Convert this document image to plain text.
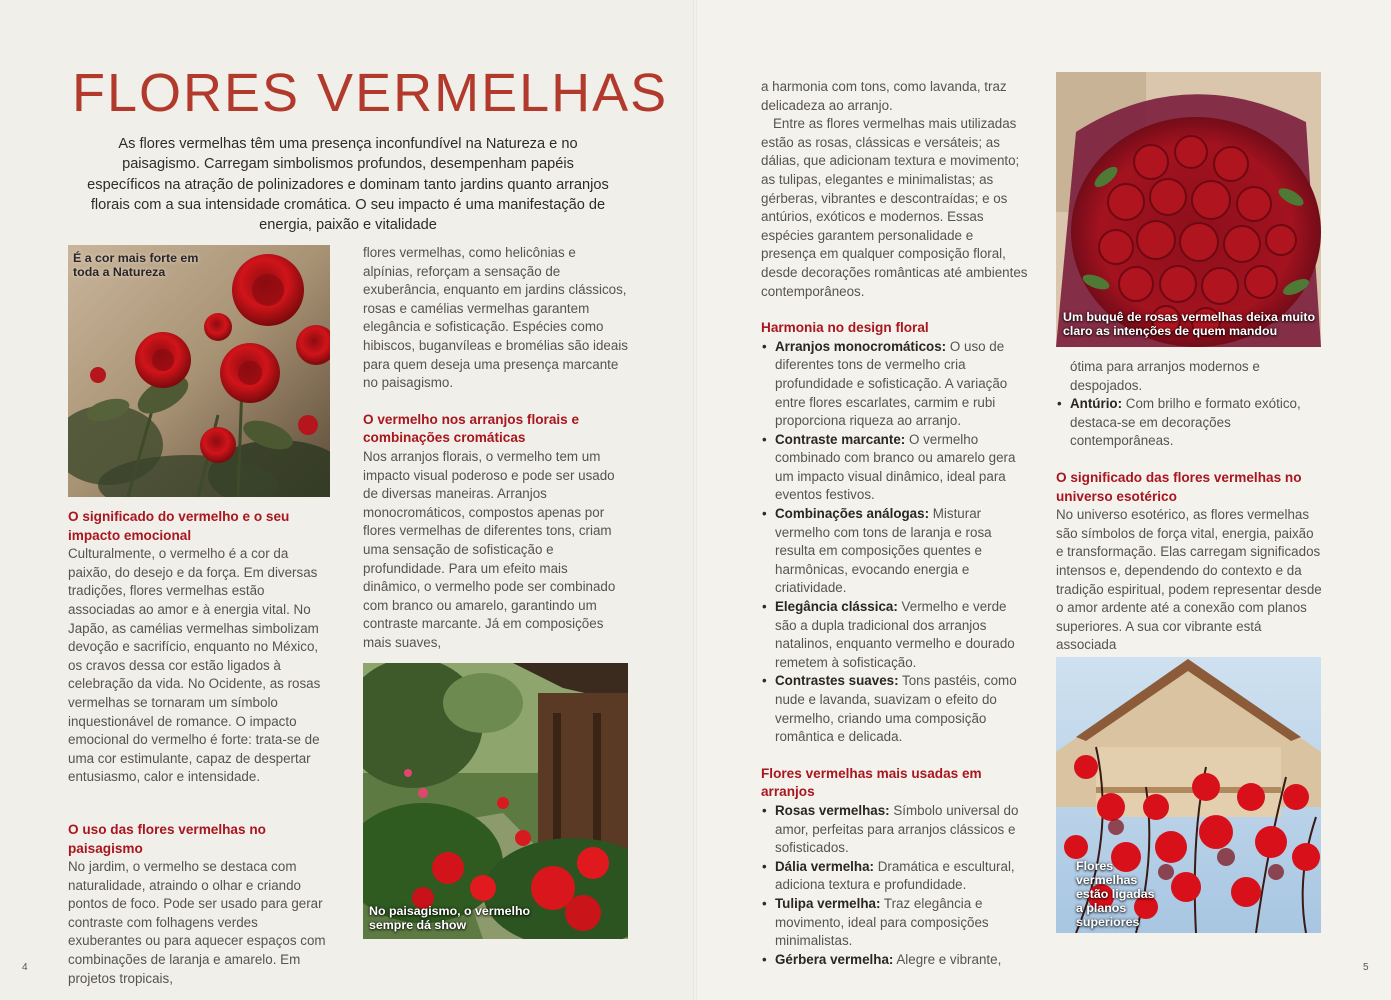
FLORES VERMELHAS
As flores vermelhas têm uma presença inconfundível na Natureza e no paisagismo. Carregam simbolismos profundos, desempenham papéis específicos na atração de polinizadores e dominam tanto jardins quanto arranjos florais com a sua intensidade cromática. O seu impacto é uma manifestação de energia, paixão e vitalidade
É a cor mais forte em toda a Natureza
O significado do vermelho e o seu impacto emocional

Culturalmente, o vermelho é a cor da paixão, do desejo e da força. Em diversas tradições, flores vermelhas estão associadas ao amor e à energia vital. No Japão, as camélias vermelhas simbolizam devoção e sacrifício, enquanto no México, os cravos dessa cor estão ligados à celebração da vida. No Ocidente, as rosas vermelhas se tornaram um símbolo inquestionável de romance. O impacto emocional do vermelho é forte: trata-se de uma cor estimulante, capaz de despertar entusiasmo, calor e intensidade.

O uso das flores vermelhas no paisagismo

No jardim, o vermelho se destaca com naturalidade, atraindo o olhar e criando pontos de foco. Pode ser usado para gerar contraste com folhagens verdes exuberantes ou para aquecer espaços com combinações de laranja e amarelo. Em projetos tropicais,

flores vermelhas, como helicônias e alpínias, reforçam a sensação de exuberância, enquanto em jardins clássicos, rosas e camélias vermelhas garantem elegância e sofisticação. Espécies como hibiscos, buganvíleas e bromélias são ideais para quem deseja uma presença marcante no paisagismo.

O vermelho nos arranjos florais e combinações cromáticas

Nos arranjos florais, o vermelho tem um impacto visual poderoso e pode ser usado de diversas maneiras. Arranjos monocromáticos, compostos apenas por flores vermelhas de diferentes tons, criam uma sensação de sofisticação e profundidade. Para um efeito mais dinâmico, o vermelho pode ser combinado com branco ou amarelo, garantindo um contraste marcante. Já em composições mais suaves,

No paisagismo, o vermelho sempre dá show
4

a harmonia com tons, como lavanda, traz delicadeza ao arranjo.

Entre as flores vermelhas mais utilizadas estão as rosas, clássicas e versáteis; as dálias, que adicionam textura e movimento; as tulipas, elegantes e minimalistas; as gérberas, vibrantes e descontraídas; e os antúrios, exóticos e modernos. Essas espécies garantem personalidade e presença em qualquer composição floral, desde decorações românticas até ambientes contemporâneos.

Harmonia no design floral
• Arranjos monocromáticos: O uso de diferentes tons de vermelho cria profundidade e sofisticação. A variação entre flores escarlates, carmim e rubi proporciona riqueza ao arranjo.
• Contraste marcante: O vermelho combinado com branco ou amarelo gera um impacto visual dinâmico, ideal para eventos festivos.
• Combinações análogas: Misturar vermelho com tons de laranja e rosa resulta em composições quentes e harmônicas, evocando energia e criatividade.
• Elegância clássica: Vermelho e verde são a dupla tradicional dos arranjos natalinos, enquanto vermelho e dourado remetem à sofisticação.
• Contrastes suaves: Tons pastéis, como nude e lavanda, suavizam o efeito do vermelho, criando uma composição romântica e delicada.
Flores vermelhas mais usadas em arranjos
• Rosas vermelhas: Símbolo universal do amor, perfeitas para arranjos clássicos e sofisticados.
• Dália vermelha: Dramática e escultural, adiciona textura e profundidade.
• Tulipa vermelha: Traz elegância e movimento, ideal para composições minimalistas.
• Gérbera vermelha: Alegre e vibrante,
Um buquê de rosas vermelhas deixa muito claro as intenções de quem mandou

ótima para arranjos modernos e despojados.

• Antúrio: Com brilho e formato exótico, destaca-se em decorações contemporâneas.
O significado das flores vermelhas no universo esotérico

No universo esotérico, as flores vermelhas são símbolos de força vital, energia, paixão e transformação. Elas carregam significados intensos e, dependendo do contexto e da tradição espiritual, podem representar desde o amor ardente até a conexão com planos superiores. A sua cor vibrante está associada

Flores vermelhas estão ligadas a planos superiores
5
